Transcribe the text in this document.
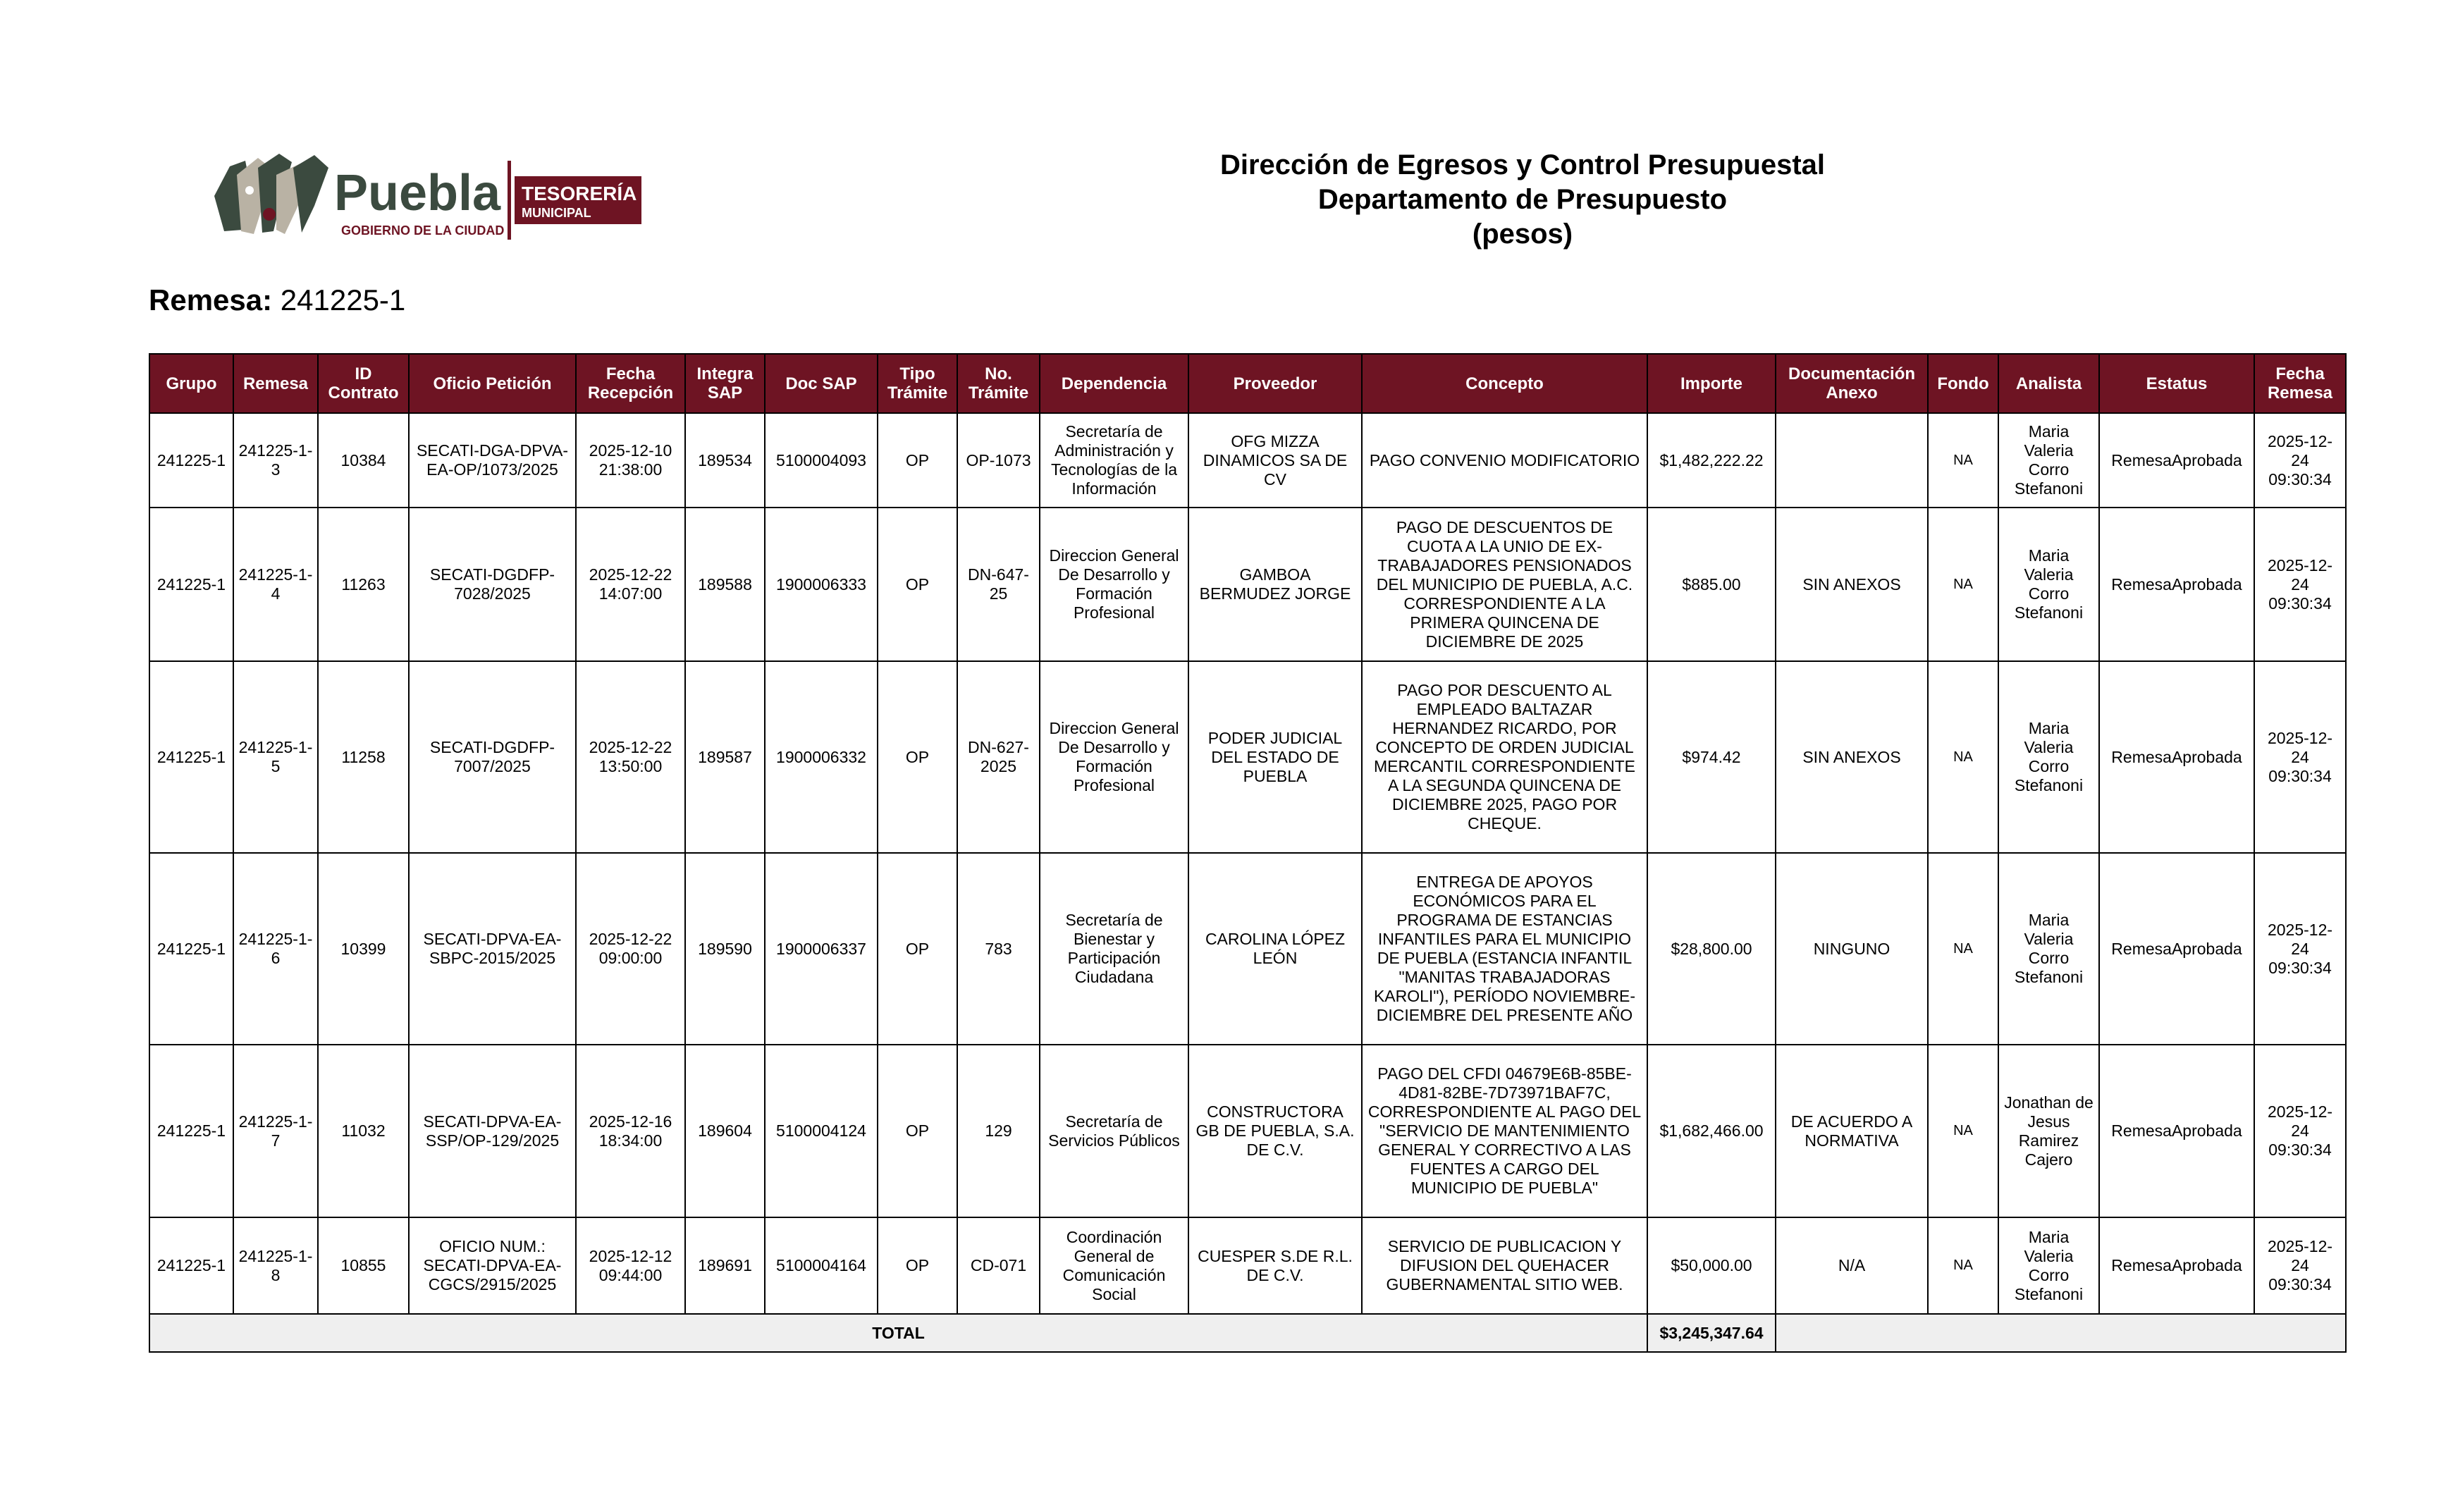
Puebla
GOBIERNO DE LA CIUDAD
TESORERÍA
MUNICIPAL
Dirección de Egresos y Control Presupuestal
Departamento de Presupuesto
(pesos)
Remesa: 241225-1
Grupo	Remesa	ID Contrato	Oficio Petición	Fecha Recepción	Integra SAP	Doc SAP	Tipo Trámite	No. Trámite	Dependencia	Proveedor	Concepto	Importe	Documentación Anexo	Fondo	Analista	Estatus	Fecha Remesa
241225-1	241225-1-3	10384	SECATI-DGA-DPVA-EA-OP/1073/2025	2025-12-10 21:38:00	189534	5100004093	OP	OP-1073	Secretaría de Administración y Tecnologías de la Información	OFG MIZZA DINAMICOS SA DE CV	PAGO CONVENIO MODIFICATORIO	$1,482,222.22		NA	Maria Valeria Corro Stefanoni	RemesaAprobada	2025-12-24 09:30:34
241225-1	241225-1-4	11263	SECATI-DGDFP-7028/2025	2025-12-22 14:07:00	189588	1900006333	OP	DN-647-25	Direccion General De Desarrollo y Formación Profesional	GAMBOA BERMUDEZ JORGE	PAGO DE DESCUENTOS DE CUOTA A LA UNIO DE EX-TRABAJADORES PENSIONADOS DEL MUNICIPIO DE PUEBLA, A.C. CORRESPONDIENTE A LA PRIMERA QUINCENA DE DICIEMBRE DE 2025	$885.00	SIN ANEXOS	NA	Maria Valeria Corro Stefanoni	RemesaAprobada	2025-12-24 09:30:34
241225-1	241225-1-5	11258	SECATI-DGDFP-7007/2025	2025-12-22 13:50:00	189587	1900006332	OP	DN-627-2025	Direccion General De Desarrollo y Formación Profesional	PODER JUDICIAL DEL ESTADO DE PUEBLA	PAGO POR DESCUENTO AL EMPLEADO BALTAZAR HERNANDEZ RICARDO, POR CONCEPTO DE ORDEN JUDICIAL MERCANTIL CORRESPONDIENTE A LA SEGUNDA QUINCENA DE DICIEMBRE 2025, PAGO POR CHEQUE.	$974.42	SIN ANEXOS	NA	Maria Valeria Corro Stefanoni	RemesaAprobada	2025-12-24 09:30:34
241225-1	241225-1-6	10399	SECATI-DPVA-EA-SBPC-2015/2025	2025-12-22 09:00:00	189590	1900006337	OP	783	Secretaría de Bienestar y Participación Ciudadana	CAROLINA LÓPEZ LEÓN	ENTREGA DE APOYOS ECONÓMICOS PARA EL PROGRAMA DE ESTANCIAS INFANTILES PARA EL MUNICIPIO DE PUEBLA (ESTANCIA INFANTIL "MANITAS TRABAJADORAS KAROLI"), PERÍODO NOVIEMBRE-DICIEMBRE DEL PRESENTE AÑO	$28,800.00	NINGUNO	NA	Maria Valeria Corro Stefanoni	RemesaAprobada	2025-12-24 09:30:34
241225-1	241225-1-7	11032	SECATI-DPVA-EA-SSP/OP-129/2025	2025-12-16 18:34:00	189604	5100004124	OP	129	Secretaría de Servicios Públicos	CONSTRUCTORA GB DE PUEBLA, S.A. DE C.V.	PAGO DEL CFDI 04679E6B-85BE-4D81-82BE-7D73971BAF7C, CORRESPONDIENTE AL PAGO DEL "SERVICIO DE MANTENIMIENTO GENERAL Y CORRECTIVO A LAS FUENTES A CARGO DEL MUNICIPIO DE PUEBLA"	$1,682,466.00	DE ACUERDO A NORMATIVA	NA	Jonathan de Jesus Ramirez Cajero	RemesaAprobada	2025-12-24 09:30:34
241225-1	241225-1-8	10855	OFICIO NUM.: SECATI-DPVA-EA-CGCS/2915/2025	2025-12-12 09:44:00	189691	5100004164	OP	CD-071	Coordinación General de Comunicación Social	CUESPER S.DE R.L. DE C.V.	SERVICIO DE PUBLICACION Y DIFUSION DEL QUEHACER GUBERNAMENTAL SITIO WEB.	$50,000.00	N/A	NA	Maria Valeria Corro Stefanoni	RemesaAprobada	2025-12-24 09:30:34
TOTAL												$3,245,347.64					
